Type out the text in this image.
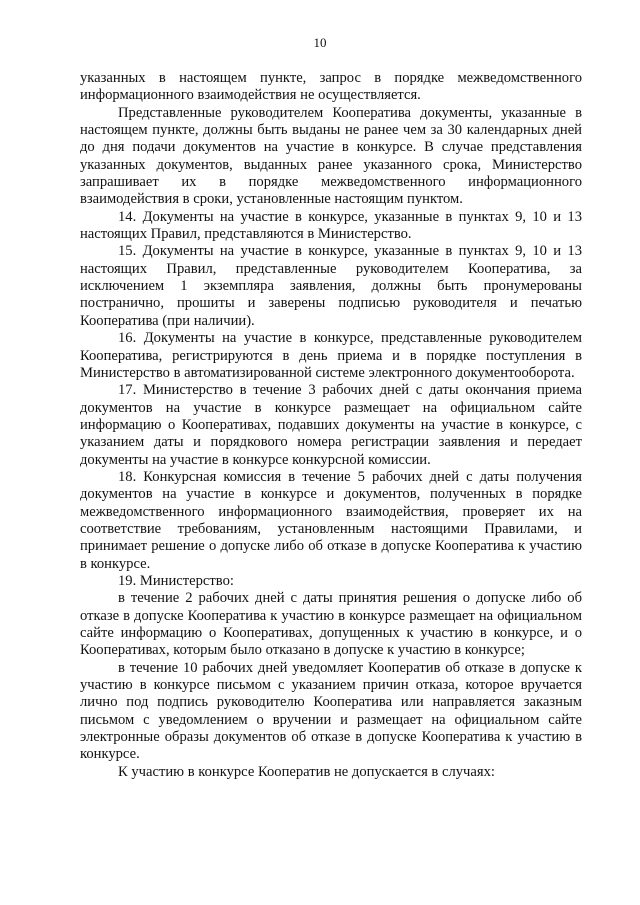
10

указанных в настоящем пункте, запрос в порядке межведомственного информационного взаимодействия не осуществляется.

Представленные руководителем Кооператива документы, указанные в настоящем пункте, должны быть выданы не ранее чем за 30 календарных дней до дня подачи документов на участие в конкурсе. В случае представления указанных документов, выданных ранее указанного срока, Министерство запрашивает их в порядке межведомственного информационного взаимодействия в сроки, установленные настоящим пунктом.

14. Документы на участие в конкурсе, указанные в пунктах 9, 10 и 13 настоящих Правил, представляются в Министерство.

15. Документы на участие в конкурсе, указанные в пунктах 9, 10 и 13 настоящих Правил, представленные руководителем Кооператива, за исключением 1 экземпляра заявления, должны быть пронумерованы постранично, прошиты и заверены подписью руководителя и печатью Кооператива (при наличии).

16. Документы на участие в конкурсе, представленные руководителем Кооператива, регистрируются в день приема и в порядке поступления в Министерство в автоматизированной системе электронного документооборота.

17. Министерство в течение 3 рабочих дней с даты окончания приема документов на участие в конкурсе размещает на официальном сайте информацию о Кооперативах, подавших документы на участие в конкурсе, с указанием даты и порядкового номера регистрации заявления и передает документы на участие в конкурсе конкурсной комиссии.

18. Конкурсная комиссия в течение 5 рабочих дней с даты получения документов на участие в конкурсе и документов, полученных в порядке межведомственного информационного взаимодействия, проверяет их на соответствие требованиям, установленным настоящими Правилами, и принимает решение о допуске либо об отказе в допуске Кооператива к участию в конкурсе.

19. Министерство:

в течение 2 рабочих дней с даты принятия решения о допуске либо об отказе в допуске Кооператива к участию в конкурсе размещает на официальном сайте информацию о Кооперативах, допущенных к участию в конкурсе, и о Кооперативах, которым было отказано в допуске к участию в конкурсе;

в течение 10 рабочих дней уведомляет Кооператив об отказе в допуске к участию в конкурсе письмом с указанием причин отказа, которое вручается лично под подпись руководителю Кооператива или направляется заказным письмом с уведомлением о вручении и размещает на официальном сайте электронные образы документов об отказе в допуске Кооператива к участию в конкурсе.

К участию в конкурсе Кооператив не допускается в случаях:
